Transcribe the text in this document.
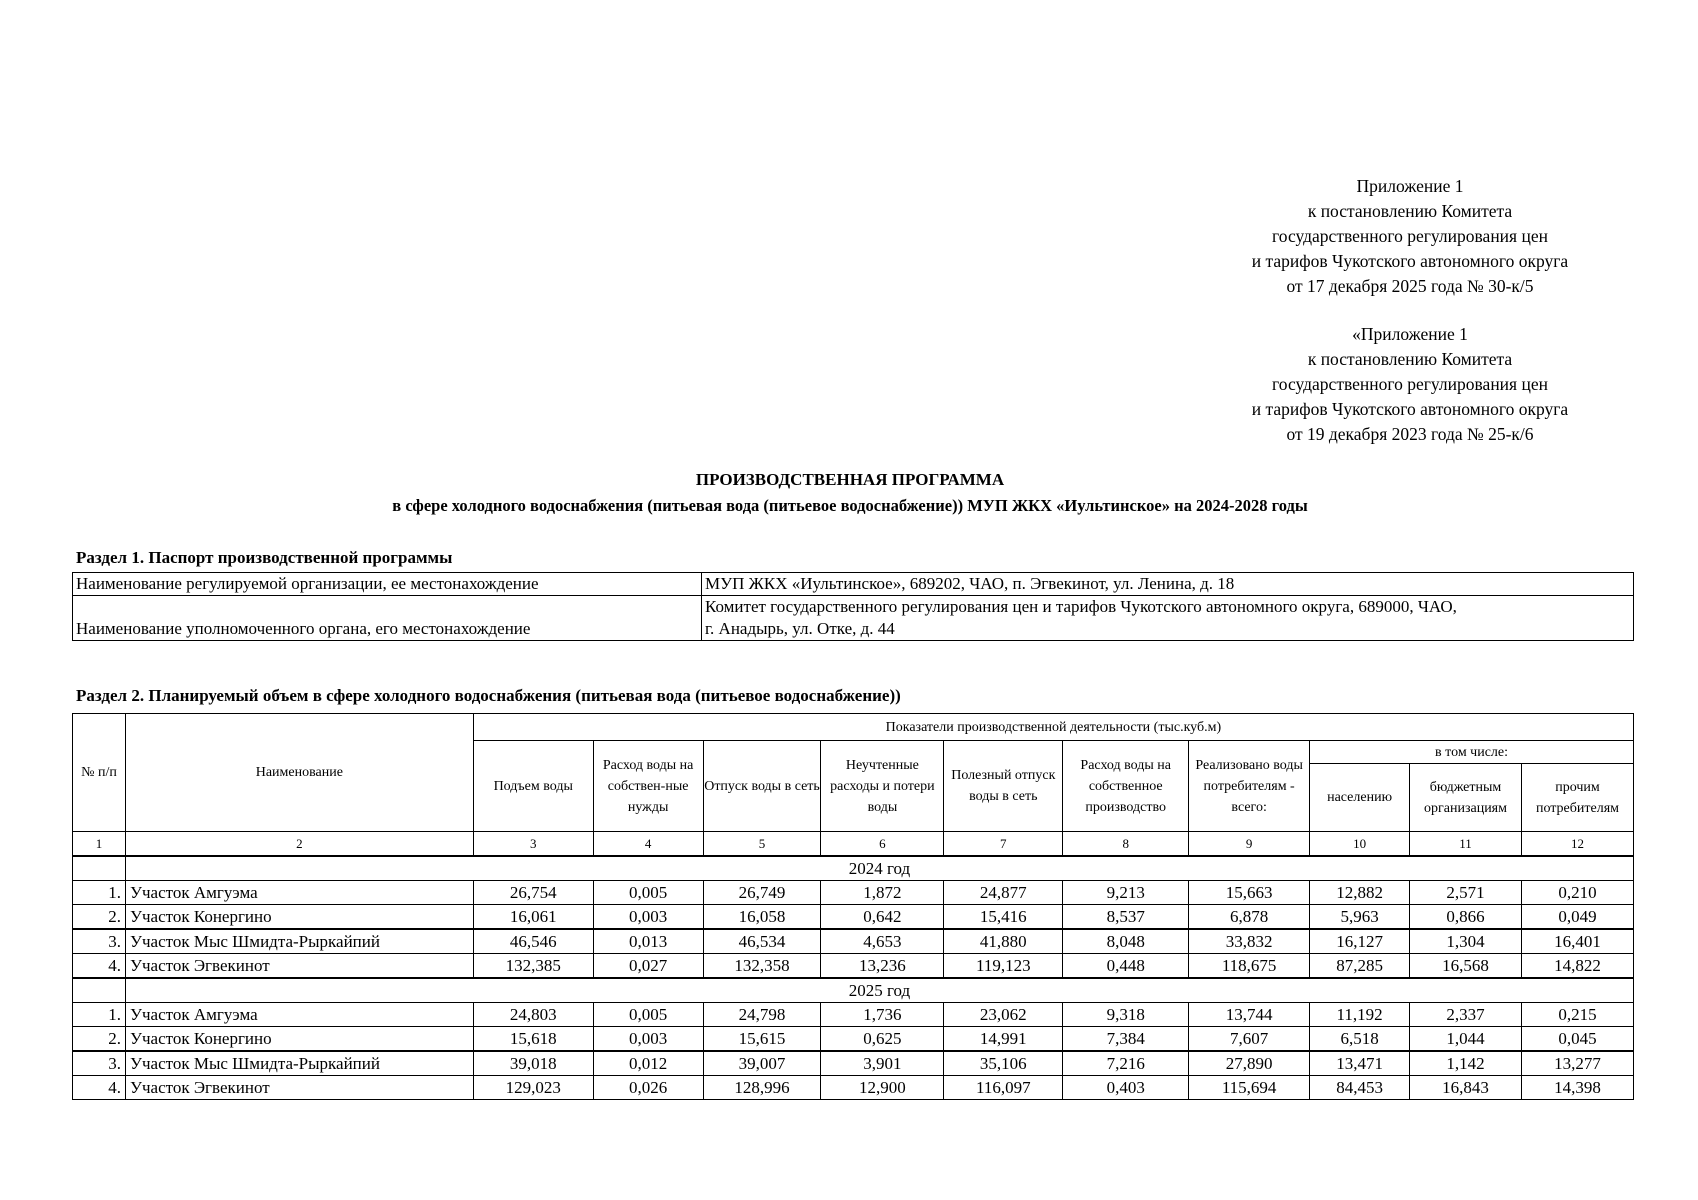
Приложение 1
к постановлению Комитета
государственного регулирования цен
и тарифов Чукотского автономного округа
от 17 декабря 2025 года № 30-к/5
«Приложение 1
к постановлению Комитета
государственного регулирования цен
и тарифов Чукотского автономного округа
от 19 декабря 2023 года № 25-к/6
ПРОИЗВОДСТВЕННАЯ ПРОГРАММА
в сфере холодного водоснабжения (питьевая вода (питьевое водоснабжение)) МУП ЖКХ «Иультинское» на 2024-2028 годы
Раздел 1. Паспорт производственной программы
Наименование регулируемой организации, ее местонахождение	МУП ЖКХ «Иультинское», 689202, ЧАО, п. Эгвекинот, ул. Ленина, д. 18

Наименование уполномоченного органа, его местонахождение	Комитет государственного регулирования цен и тарифов Чукотского автономного округа, 689000, ЧАО,
г. Анадырь, ул. Отке, д. 44
Раздел 2. Планируемый объем в сфере холодного водоснабжения (питьевая вода (питьевое водоснабжение))
№ п/п	Наименование	Показатели производственной деятельности (тыс.куб.м)									
		Подъем воды	Расход воды на собствен-ные нужды	Отпуск воды в сеть	Неучтенные расходы и потери воды	Полезный отпуск воды в сеть	Расход воды на собственное производство	Реализовано воды потребителям - всего:	в том числе:		
									населению	бюджетным организациям	прочим потребителям
1	2	3	4	5	6	7	8	9	10	11	12
	2024 год										
1.	Участок Амгуэма	26,754	0,005	26,749	1,872	24,877	9,213	15,663	12,882	2,571	0,210
2.	Участок Конергино	16,061	0,003	16,058	0,642	15,416	8,537	6,878	5,963	0,866	0,049
3.	Участок Мыс Шмидта-Рыркайпий	46,546	0,013	46,534	4,653	41,880	8,048	33,832	16,127	1,304	16,401
4.	Участок Эгвекинот	132,385	0,027	132,358	13,236	119,123	0,448	118,675	87,285	16,568	14,822
	2025 год										
1.	Участок Амгуэма	24,803	0,005	24,798	1,736	23,062	9,318	13,744	11,192	2,337	0,215
2.	Участок Конергино	15,618	0,003	15,615	0,625	14,991	7,384	7,607	6,518	1,044	0,045
3.	Участок Мыс Шмидта-Рыркайпий	39,018	0,012	39,007	3,901	35,106	7,216	27,890	13,471	1,142	13,277
4.	Участок Эгвекинот	129,023	0,026	128,996	12,900	116,097	0,403	115,694	84,453	16,843	14,398
